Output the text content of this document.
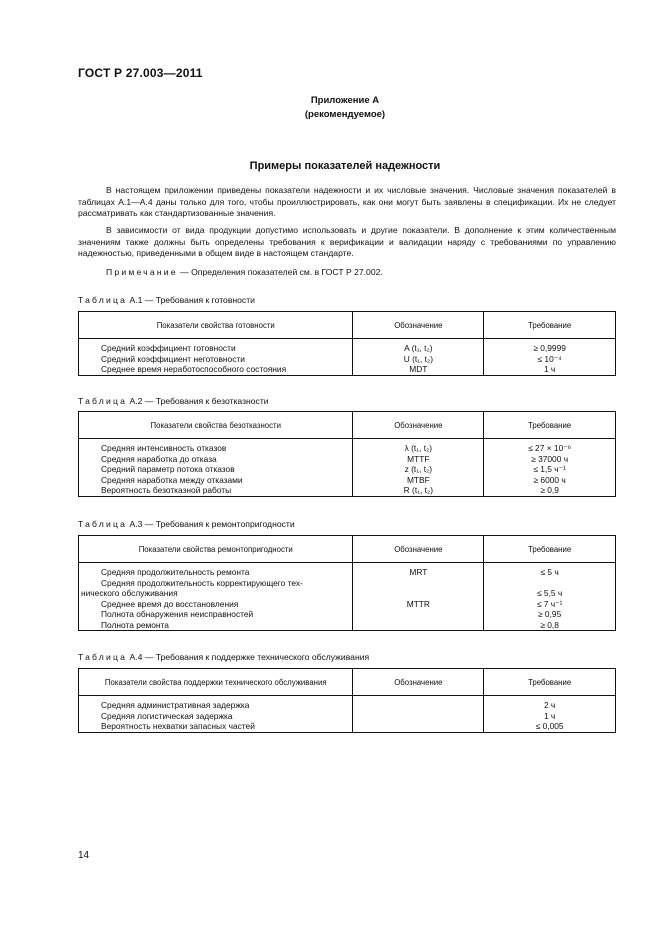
ГОСТ Р 27.003—2011
Приложение А
(рекомендуемое)
Примеры показателей надежности
В настоящем приложении приведены показатели надежности и их числовые значения. Числовые значения показателей в таблицах А.1—А.4 даны только для того, чтобы проиллюстрировать, как они могут быть заявлены в спецификации. Их не следует рассматривать как стандартизованные значения.
В зависимости от вида продукции допустимо использовать и другие показатели. В дополнение к этим количественным значениям также должны быть определены требования к верификации и валидации наряду с требованиями по управлению надежностью, приведенными в общем виде в настоящем стандарте.
Примечание — Определения показателей см. в ГОСТ Р 27.002.
Таблица А.1 — Требования к готовности
Показатели свойства готовности	Обозначение	Требование
Средний коэффициент готовности	A (t₁, t₂)	≥ 0,9999
Средний коэффициент неготовности	U (t₁, t₂)	≤ 10⁻⁴
Среднее время неработоспособного состояния	MDT	1 ч
Таблица А.2 — Требования к безотказности
Показатели свойства безотказности	Обозначение	Требование
Средняя интенсивность отказов	λ (t₁, t₂)	≤ 27 × 10⁻⁶
Средняя наработка до отказа	MTTF	≥ 37000 ч
Средний параметр потока отказов	z (t₁, t₂)	≤ 1,5 ч⁻¹
Средняя наработка между отказами	MTBF	≥ 6000 ч
Вероятность безотказной работы	R (t₁, t₂)	≥ 0,9
Таблица А.3 — Требования к ремонтопригодности
Показатели свойства ремонтопригодности	Обозначение	Требование
Средняя продолжительность ремонта	MRT	≤ 5 ч
Средняя продолжительность корректирующего тех-		
нического обслуживания		≤ 5,5 ч
Среднее время до восстановления	MTTR	≤ 7 ч⁻¹
Полнота обнаружения неисправностей		≥ 0,95
Полнота ремонта		≥ 0,8
Таблица А.4 — Требования к поддержке технического обслуживания
Показатели свойства поддержки технического обслуживания	Обозначение	Требование
Средняя административная задержка		2 ч
Средняя логистическая задержка		1 ч
Вероятность нехватки запасных частей		≤ 0,005
14
